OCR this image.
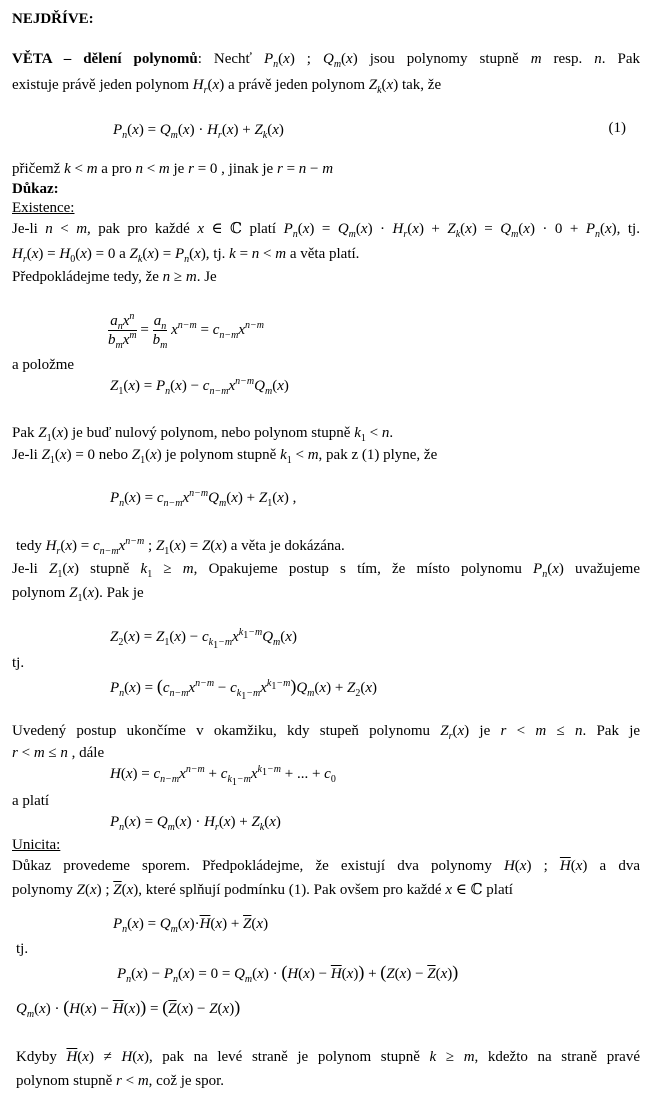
NEJDŘÍVE:
VĚTA – dělení polynomů: Nechť $P_n(x)$ ; $Q_m(x)$ jsou polynomy stupně m resp. n. Pak
existuje právě jeden polynom $H_r(x)$ a právě jeden polynom $Z_k(x)$ tak, že
$P_n(x) = Q_m(x) \cdot H_r(x) + Z_k(x)$	(1)
přičemž k < m a pro n < m je r = 0 , jinak je r = n − m
Důkaz:
Existence:
Je-li n < m, pak pro každé x ∈ ℂ platí $P_n(x) = Q_m(x) \cdot H_r(x) + Z_k(x) = Q_m(x) \cdot 0 + P_n(x)$, tj.
$H_r(x) = H_0(x) = 0$ a $Z_k(x) = P_n(x)$, tj. k = n < m a věta platí.
Předpokládejme tedy, že n ≥ m. Je
$\frac{a_nx^n}{b_mx^m} = \frac{a_n}{b_m} x^{n-m} = c_{n-m}x^{n-m}$
a položme
$Z_1(x) = P_n(x) - c_{n-m}x^{n-m}Q_m(x)$
Pak $Z_1(x)$ je buď nulový polynom, nebo polynom stupně $k_1 < n$.
Je-li $Z_1(x) = 0$ nebo $Z_1(x)$ je polynom stupně $k_1 < m$, pak z (1) plyne, že
$P_n(x) = c_{n-m}x^{n-m}Q_m(x) + Z_1(x)$ ,
tedy $H_r(x) = c_{n-m}x^{n-m}$ ; $Z_1(x) = Z(x)$ a věta je dokázána.
Je-li $Z_1(x)$ stupně $k_1 \ge m$, Opakujeme postup s tím, že místo polynomu $P_n(x)$ uvažujeme
polynom $Z_1(x)$. Pak je
$Z_2(x) = Z_1(x) - c_{k_1-m}x^{k_1-m}Q_m(x)$
tj.
$P_n(x) = (c_{n-m}x^{n-m} - c_{k_1-m}x^{k_1-m})Q_m(x) + Z_2(x)$
Uvedený postup ukončíme v okamžiku, kdy stupeň polynomu $Z_r(x)$ je r < m ≤ n. Pak je
r < m ≤ n , dále
$H(x) = c_{n-m}x^{n-m} + c_{k_1-m}x^{k_1-m}$ + ... + $c_0$
a platí
$P_n(x) = Q_m(x) \cdot H_r(x) + Z_k(x)$
Unicita:
Důkaz provedeme sporem. Předpokládejme, že existují dva polynomy H(x) ; $\overline{H}(x)$ a dva
polynomy Z(x) ; $\overline{Z}(x)$, které splňují podmínku (1). Pak ovšem pro každé x ∈ ℂ platí
$P_n(x) = Q_m(x)\cdot\overline{H}(x) + \overline{Z}(x)$
tj.
$P_n(x) - P_n(x) = 0 = Q_m(x) \cdot (H(x) - \overline{H}(x)) + (Z(x) - \overline{Z}(x))$
$Q_m(x) \cdot (H(x) - \overline{H}(x)) = (\overline{Z}(x) - Z(x))$
Kdyby $\overline{H}(x) \ne H(x)$, pak na levé straně je polynom stupně k ≥ m, kdežto na straně pravé
polynom stupně r < m, což je spor.
